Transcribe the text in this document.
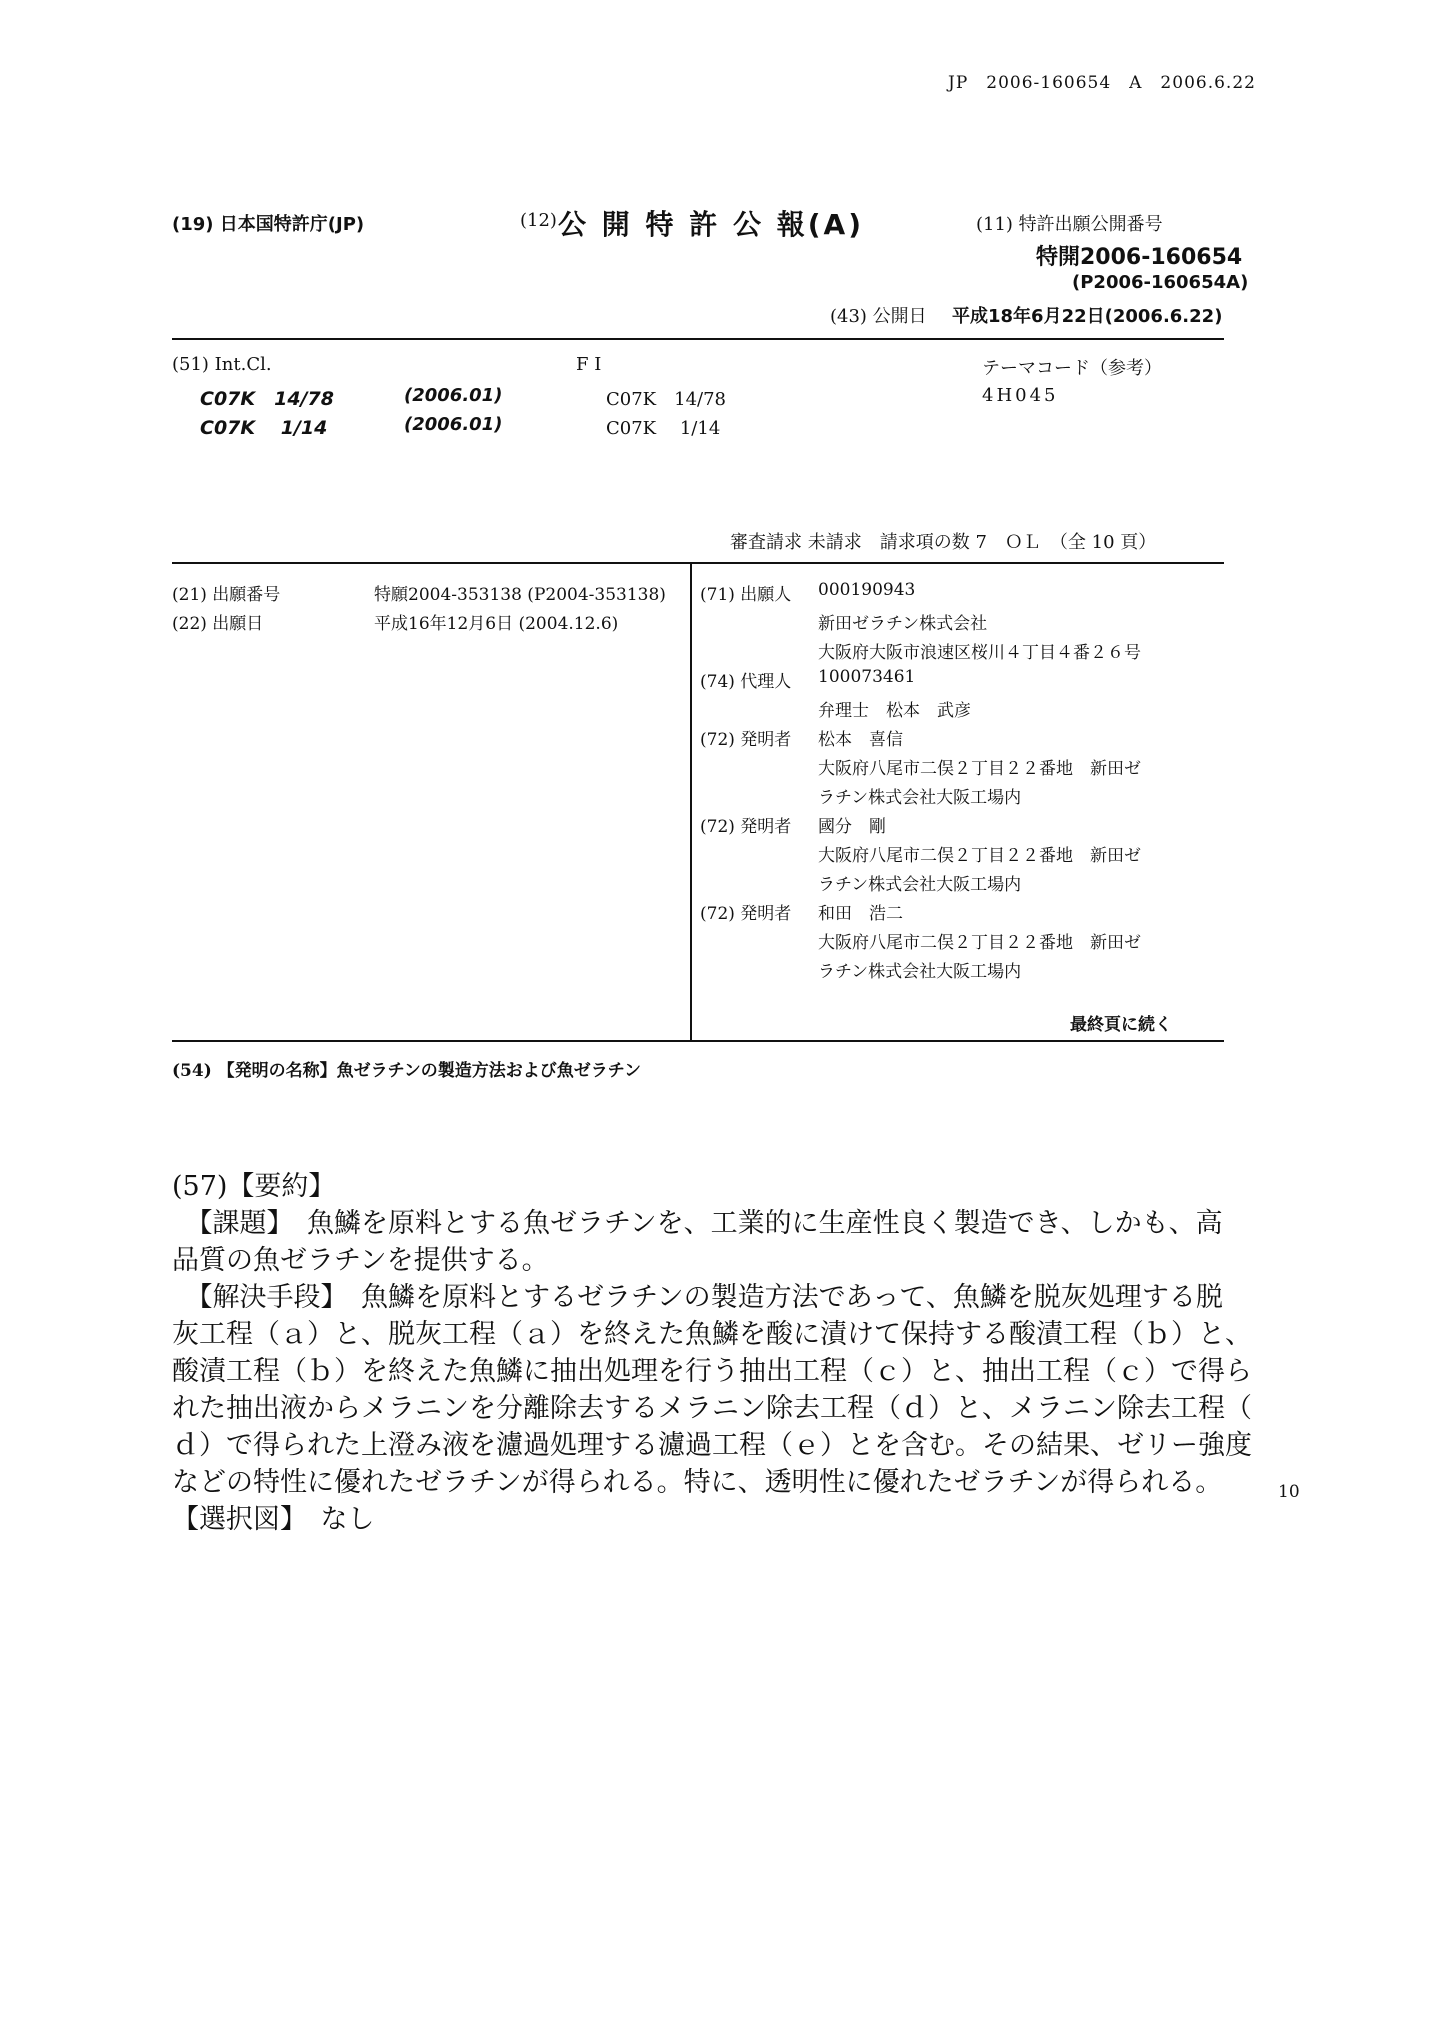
JP　2006-160654　A　2006.6.22
(19) 日本国特許庁(JP)	(12) 公 開 特 許 公 報(A)	(11) 特許出願公開番号
特開2006-160654
(P2006-160654A)
(43) 公開日 平成18年6月22日(2006.6.22)
(51) Int.Cl.	F I	テーマコード（参考）
C07K　14/78	(2006.01)	C07K　14/78	4H045
C07K　 1/14	(2006.01)	C07K　 1/14
審査請求 未請求　請求項の数 7　ＯＬ　（全 10 頁）
(21) 出願番号	特願2004-353138 (P2004-353138)
(22) 出願日	平成16年12月6日 (2004.12.6)
(71) 出願人 000190943
新田ゼラチン株式会社
大阪府大阪市浪速区桜川４丁目４番２６号
(74) 代理人 100073461
弁理士　松本　武彦
(72) 発明者 松本　喜信
大阪府八尾市二俣２丁目２２番地　新田ゼ
ラチン株式会社大阪工場内
(72) 発明者 國分　剛
大阪府八尾市二俣２丁目２２番地　新田ゼ
ラチン株式会社大阪工場内
(72) 発明者 和田　浩二
大阪府八尾市二俣２丁目２２番地　新田ゼ
ラチン株式会社大阪工場内
最終頁に続く
(54) 【発明の名称】魚ゼラチンの製造方法および魚ゼラチン
(57)【要約】
　【課題】　魚鱗を原料とする魚ゼラチンを、工業的に生産性良く製造でき、しかも、高
品質の魚ゼラチンを提供する。
　【解決手段】　魚鱗を原料とするゼラチンの製造方法であって、魚鱗を脱灰処理する脱
灰工程（ａ）と、脱灰工程（ａ）を終えた魚鱗を酸に漬けて保持する酸漬工程（ｂ）と、
酸漬工程（ｂ）を終えた魚鱗に抽出処理を行う抽出工程（ｃ）と、抽出工程（ｃ）で得ら
れた抽出液からメラニンを分離除去するメラニン除去工程（ｄ）と、メラニン除去工程（
ｄ）で得られた上澄み液を濾過処理する濾過工程（ｅ）とを含む。その結果、ゼリー強度
などの特性に優れたゼラチンが得られる。特に、透明性に優れたゼラチンが得られる。
【選択図】　なし
10
